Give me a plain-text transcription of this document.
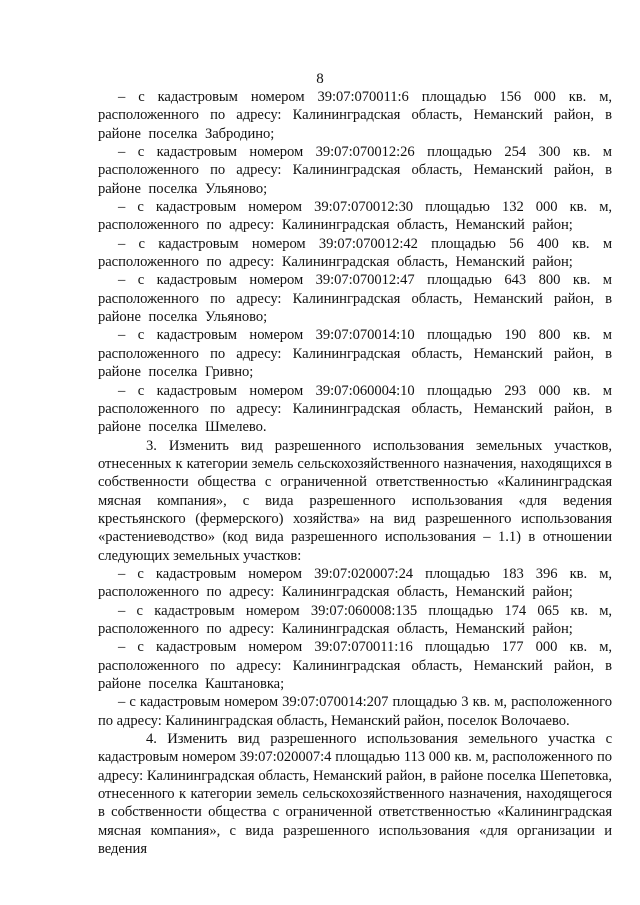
8

– с кадастровым номером 39:07:070011:6 площадью 156 000 кв. м, расположенного по адресу: Калининградская область, Неманский район, в районе поселка Забродино;

– с кадастровым номером 39:07:070012:26 площадью 254 300 кв. м расположенного по адресу: Калининградская область, Неманский район, в районе поселка Ульяново;

– с кадастровым номером 39:07:070012:30 площадью 132 000 кв. м, расположенного по адресу: Калининградская область, Неманский район;

– с кадастровым номером 39:07:070012:42 площадью 56 400 кв. м расположенного по адресу: Калининградская область, Неманский район;

– с кадастровым номером 39:07:070012:47 площадью 643 800 кв. м расположенного по адресу: Калининградская область, Неманский район, в районе поселка Ульяново;

– с кадастровым номером 39:07:070014:10 площадью 190 800 кв. м расположенного по адресу: Калининградская область, Неманский район, в районе поселка Гривно;

– с кадастровым номером 39:07:060004:10 площадью 293 000 кв. м расположенного по адресу: Калининградская область, Неманский район, в районе поселка Шмелево.

3. Изменить вид разрешенного использования земельных участков, отнесенных к категории земель сельскохозяйственного назначения, находящихся в собственности общества с ограниченной ответственностью «Калининградская мясная компания», с вида разрешенного использования «для ведения крестьянского (фермерского) хозяйства» на вид разрешенного использования «растениеводство» (код вида разрешенного использования – 1.1) в отношении следующих земельных участков:

– с кадастровым номером 39:07:020007:24 площадью 183 396 кв. м, расположенного по адресу: Калининградская область, Неманский район;

– с кадастровым номером 39:07:060008:135 площадью 174 065 кв. м, расположенного по адресу: Калининградская область, Неманский район;

– с кадастровым номером 39:07:070011:16 площадью 177 000 кв. м, расположенного по адресу: Калининградская область, Неманский район, в районе поселка Каштановка;

– с кадастровым номером 39:07:070014:207 площадью 3 кв. м, расположенного по адресу: Калининградская область, Неманский район, поселок Волочаево.

4. Изменить вид разрешенного использования земельного участка с кадастровым номером 39:07:020007:4 площадью 113 000 кв. м, расположенного по адресу: Калининградская область, Неманский район, в районе поселка Шепетовка, отнесенного к категории земель сельскохозяйственного назначения, находящегося в собственности общества с ограниченной ответственностью «Калининградская мясная компания», с вида разрешенного использования «для организации и ведения
